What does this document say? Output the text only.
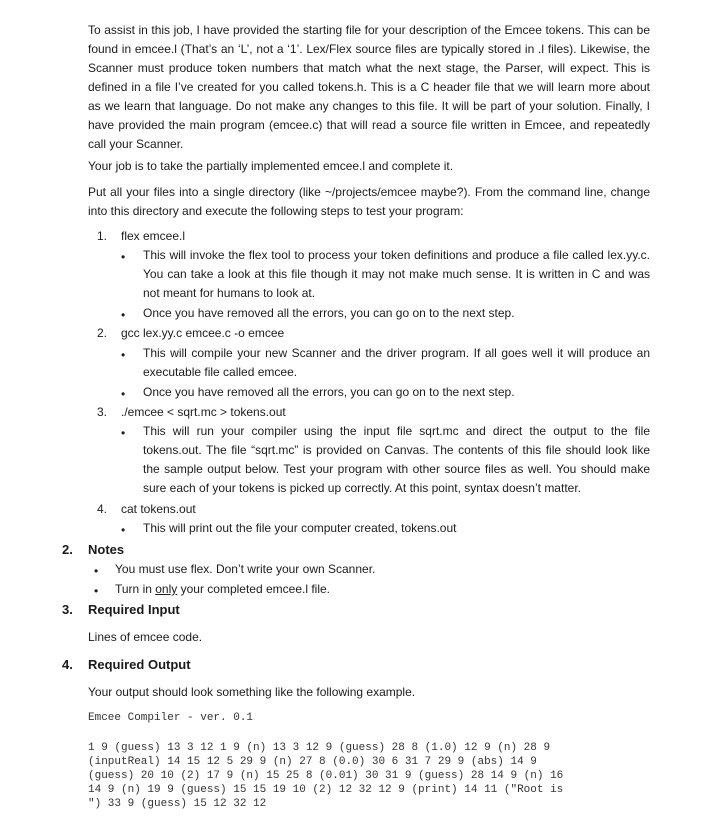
To assist in this job, I have provided the starting file for your description of the Emcee tokens. This can be found in emcee.l (That’s an ‘L’, not a ‘1’. Lex/Flex source files are typically stored in .l files). Likewise, the Scanner must produce token numbers that match what the next stage, the Parser, will expect. This is defined in a file I’ve created for you called tokens.h. This is a C header file that we will learn more about as we learn that language. Do not make any changes to this file. It will be part of your solution. Finally, I have provided the main program (emcee.c) that will read a source file written in Emcee, and repeatedly call your Scanner.
Your job is to take the partially implemented emcee.l and complete it.
Put all your files into a single directory (like ~/projects/emcee maybe?). From the command line, change into this directory and execute the following steps to test your program:
1. flex emcee.l
• This will invoke the flex tool to process your token definitions and produce a file called lex.yy.c. You can take a look at this file though it may not make much sense. It is written in C and was not meant for humans to look at.
• Once you have removed all the errors, you can go on to the next step.
2. gcc lex.yy.c emcee.c -o emcee
• This will compile your new Scanner and the driver program. If all goes well it will produce an executable file called emcee.
• Once you have removed all the errors, you can go on to the next step.
3. ./emcee < sqrt.mc > tokens.out
• This will run your compiler using the input file sqrt.mc and direct the output to the file tokens.out. The file “sqrt.mc” is provided on Canvas. The contents of this file should look like the sample output below. Test your program with other source files as well. You should make sure each of your tokens is picked up correctly. At this point, syntax doesn’t matter.
4. cat tokens.out
• This will print out the file your computer created, tokens.out
2. Notes
• You must use flex. Don’t write your own Scanner.
• Turn in only your completed emcee.l file.
3. Required Input
Lines of emcee code.
4. Required Output
Your output should look something like the following example.
Emcee Compiler - ver. 0.1
1 9 (guess) 13 3 12 1 9 (n) 13 3 12 9 (guess) 28 8 (1.0) 12 9 (n) 28 9
(inputReal) 14 15 12 5 29 9 (n) 27 8 (0.0) 30 6 31 7 29 9 (abs) 14 9
(guess) 20 10 (2) 17 9 (n) 15 25 8 (0.01) 30 31 9 (guess) 28 14 9 (n) 16
14 9 (n) 19 9 (guess) 15 15 19 10 (2) 12 32 12 9 (print) 14 11 ("Root is
") 33 9 (guess) 15 12 32 12
